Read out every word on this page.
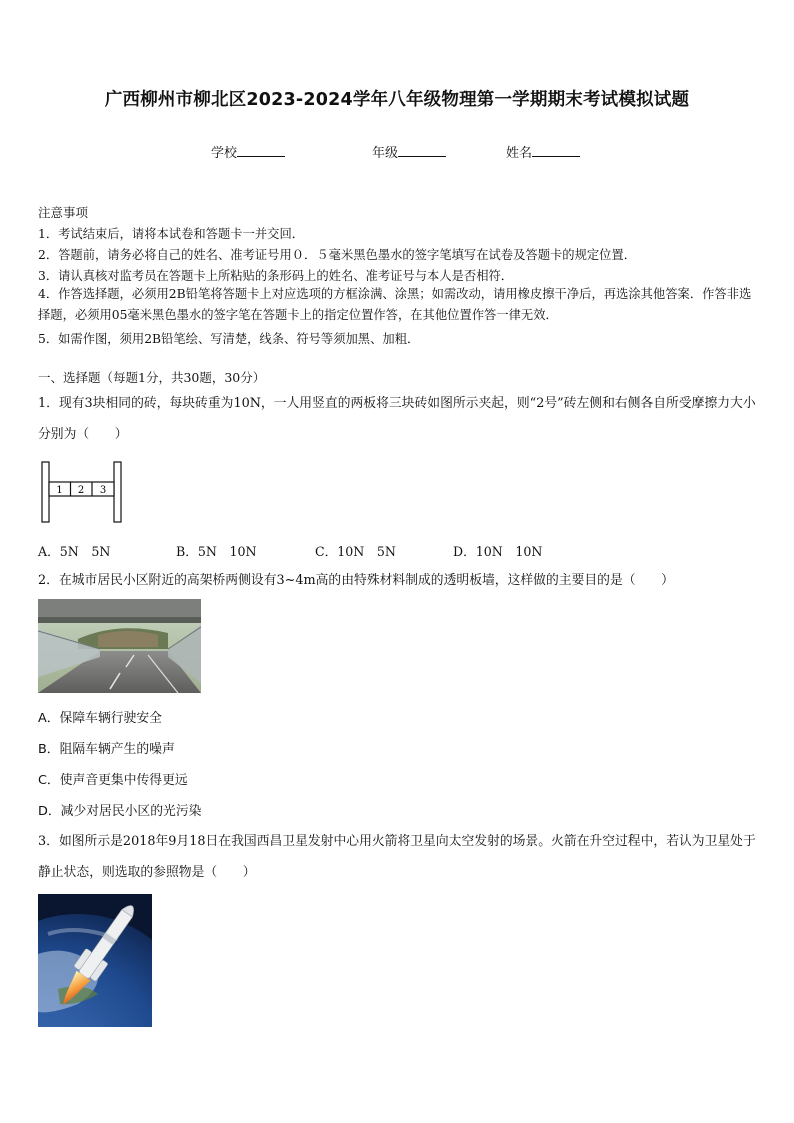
广西柳州市柳北区2023-2024学年八年级物理第一学期期末考试模拟试题
学校	年级	姓名
注意事项
1．考试结束后，请将本试卷和答题卡一并交回．
2．答题前，请务必将自己的姓名、准考证号用０．５毫米黑色墨水的签字笔填写在试卷及答题卡的规定位置．
3．请认真核对监考员在答题卡上所粘贴的条形码上的姓名、准考证号与本人是否相符．
4．作答选择题，必须用2B铅笔将答题卡上对应选项的方框涂满、涂黑；如需改动，请用橡皮擦干净后，再选涂其他答案．作答非选择题，必须用05毫米黑色墨水的签字笔在答题卡上的指定位置作答，在其他位置作答一律无效．
5．如需作图，须用2B铅笔绘、写清楚，线条、符号等须加黑、加粗．
一、选择题（每题1分，共30题，30分）
1．现有3块相同的砖，每块砖重为10N，一人用竖直的两板将三块砖如图所示夹起，则“2号”砖左侧和右侧各自所受摩擦力大小分别为（　　）
1 2 3
A．5N　5N	B．5N　10N	C．10N　5N	D．10N　10N
2．在城市居民小区附近的高架桥两侧设有3~4m高的由特殊材料制成的透明板墙，这样做的主要目的是（　　）
A．保障车辆行驶安全
B．阻隔车辆产生的噪声
C．使声音更集中传得更远
D．减少对居民小区的光污染
3．如图所示是2018年9月18日在我国西昌卫星发射中心用火箭将卫星向太空发射的场景。火箭在升空过程中，若认为卫星处于静止状态，则选取的参照物是（　　）
